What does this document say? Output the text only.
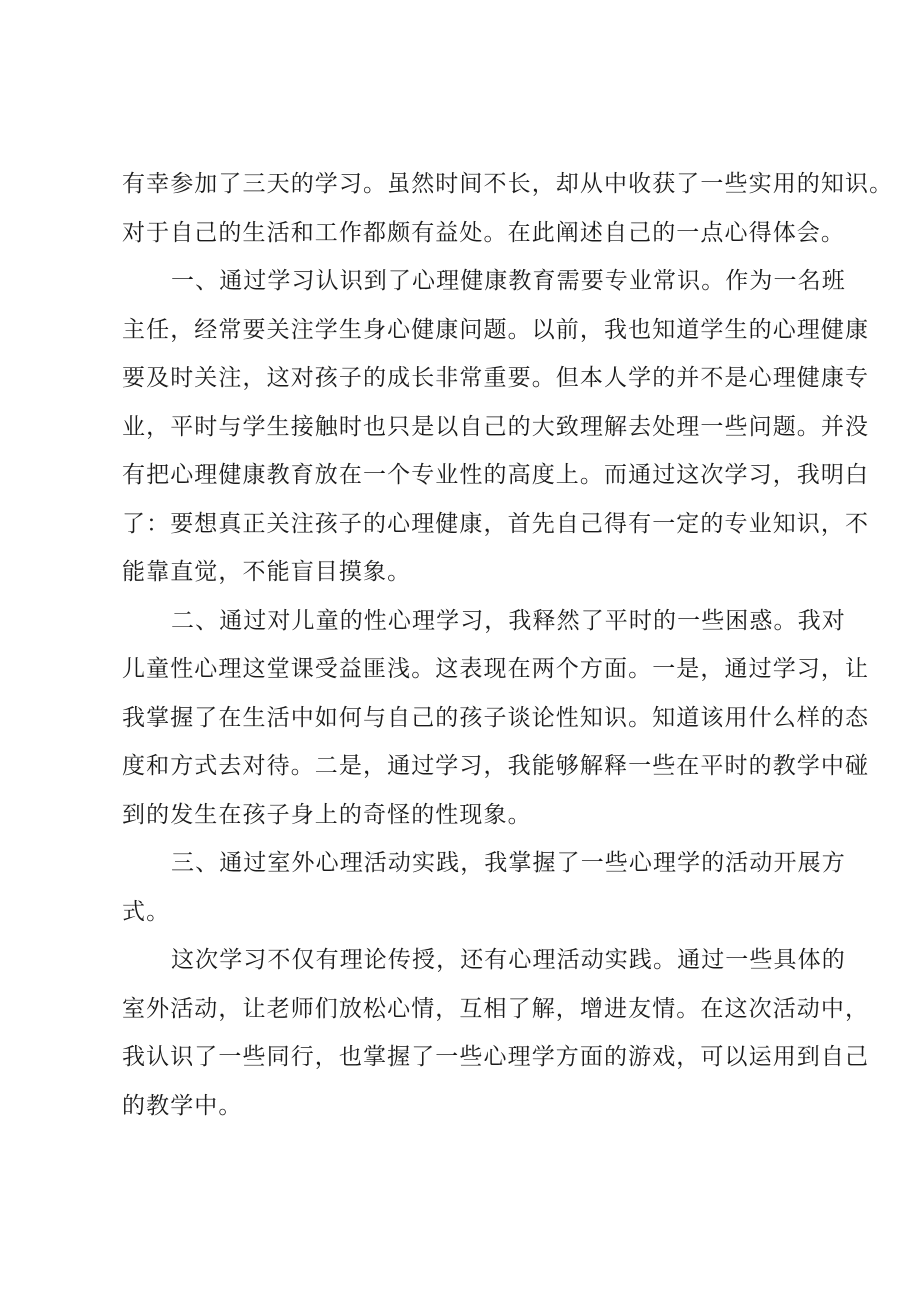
有幸参加了三天的学习。虽然时间不长，却从中收获了一些实用的知识。
对于自己的生活和工作都颇有益处。在此阐述自己的一点心得体会。

一、通过学习认识到了心理健康教育需要专业常识。作为一名班
主任，经常要关注学生身心健康问题。以前，我也知道学生的心理健康
要及时关注，这对孩子的成长非常重要。但本人学的并不是心理健康专
业，平时与学生接触时也只是以自己的大致理解去处理一些问题。并没
有把心理健康教育放在一个专业性的高度上。而通过这次学习，我明白
了：要想真正关注孩子的心理健康，首先自己得有一定的专业知识，不
能靠直觉，不能盲目摸象。

二、通过对儿童的性心理学习，我释然了平时的一些困惑。我对
儿童性心理这堂课受益匪浅。这表现在两个方面。一是，通过学习，让
我掌握了在生活中如何与自己的孩子谈论性知识。知道该用什么样的态
度和方式去对待。二是，通过学习，我能够解释一些在平时的教学中碰
到的发生在孩子身上的奇怪的性现象。

三、通过室外心理活动实践，我掌握了一些心理学的活动开展方
式。

这次学习不仅有理论传授，还有心理活动实践。通过一些具体的
室外活动，让老师们放松心情，互相了解，增进友情。在这次活动中，
我认识了一些同行，也掌握了一些心理学方面的游戏，可以运用到自己
的教学中。
